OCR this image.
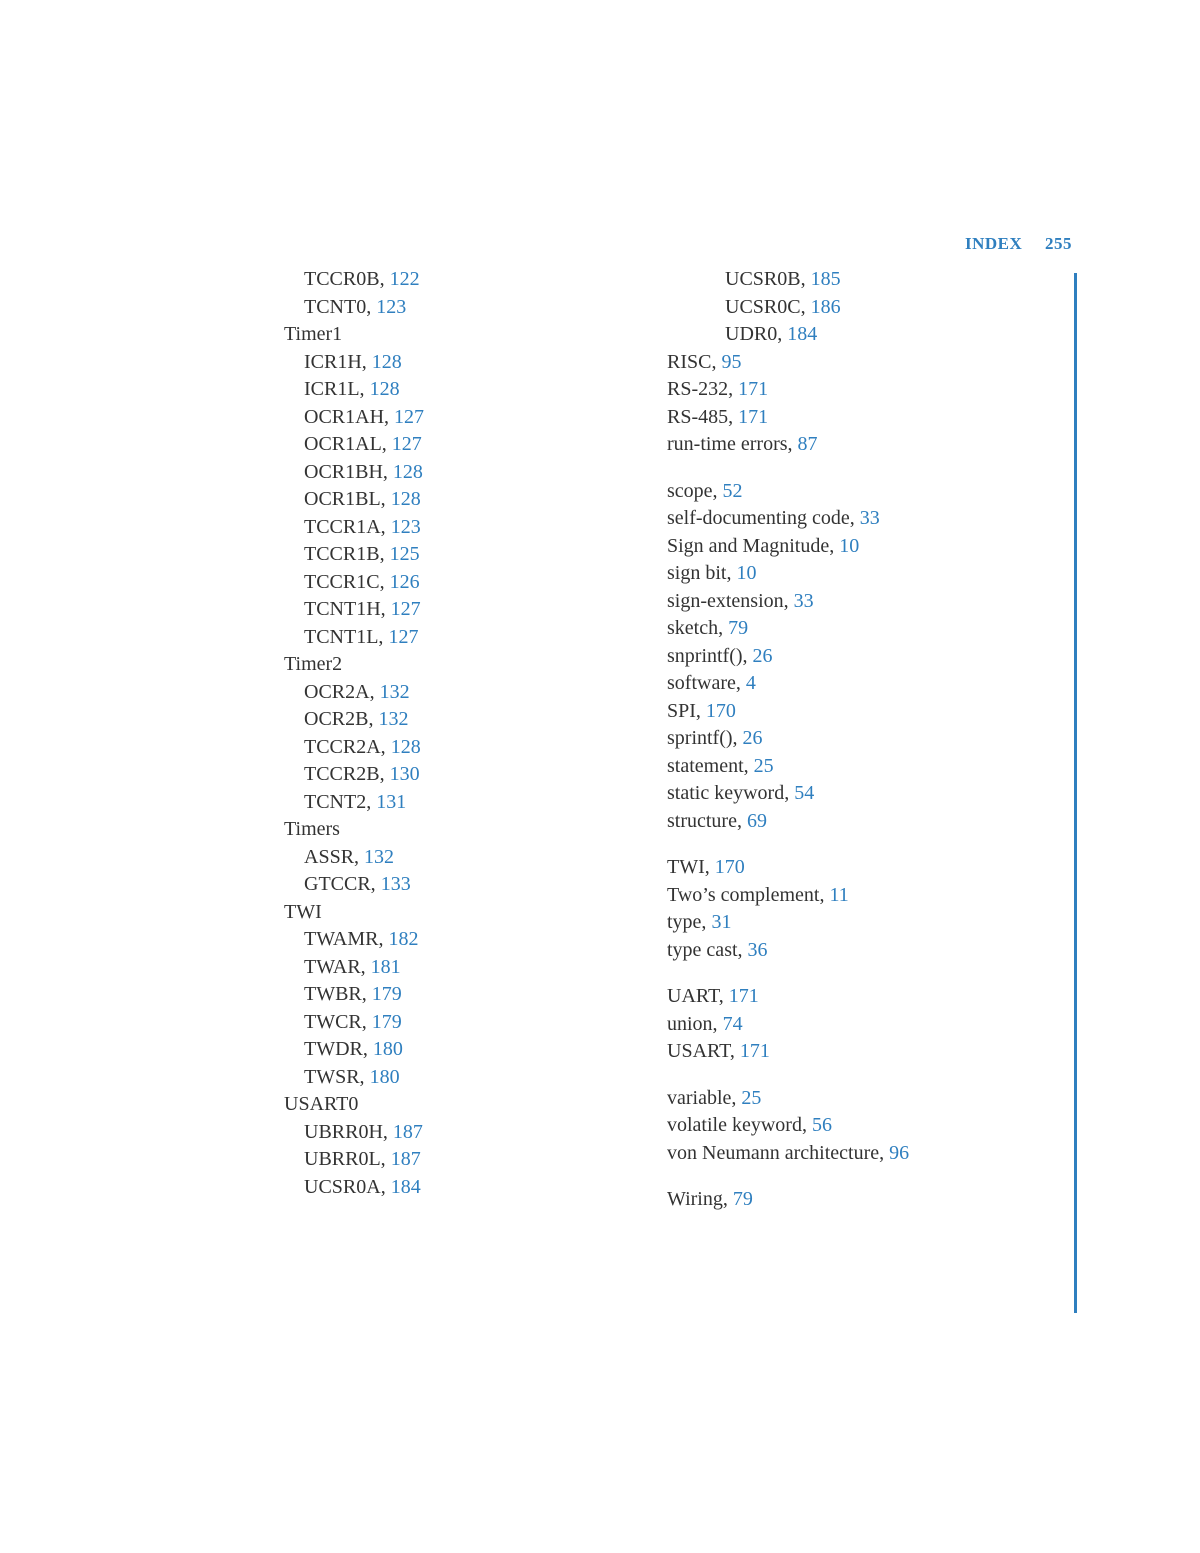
INDEX 255
TCCR0B, 122
TCNT0, 123
Timer1
ICR1H, 128
ICR1L, 128
OCR1AH, 127
OCR1AL, 127
OCR1BH, 128
OCR1BL, 128
TCCR1A, 123
TCCR1B, 125
TCCR1C, 126
TCNT1H, 127
TCNT1L, 127
Timer2
OCR2A, 132
OCR2B, 132
TCCR2A, 128
TCCR2B, 130
TCNT2, 131
Timers
ASSR, 132
GTCCR, 133
TWI
TWAMR, 182
TWAR, 181
TWBR, 179
TWCR, 179
TWDR, 180
TWSR, 180
USART0
UBRR0H, 187
UBRR0L, 187
UCSR0A, 184
UCSR0B, 185
UCSR0C, 186
UDR0, 184
RISC, 95
RS-232, 171
RS-485, 171
run-time errors, 87
scope, 52
self-documenting code, 33
Sign and Magnitude, 10
sign bit, 10
sign-extension, 33
sketch, 79
snprintf(), 26
software, 4
SPI, 170
sprintf(), 26
statement, 25
static keyword, 54
structure, 69
TWI, 170
Two’s complement, 11
type, 31
type cast, 36
UART, 171
union, 74
USART, 171
variable, 25
volatile keyword, 56
von Neumann architecture, 96
Wiring, 79
